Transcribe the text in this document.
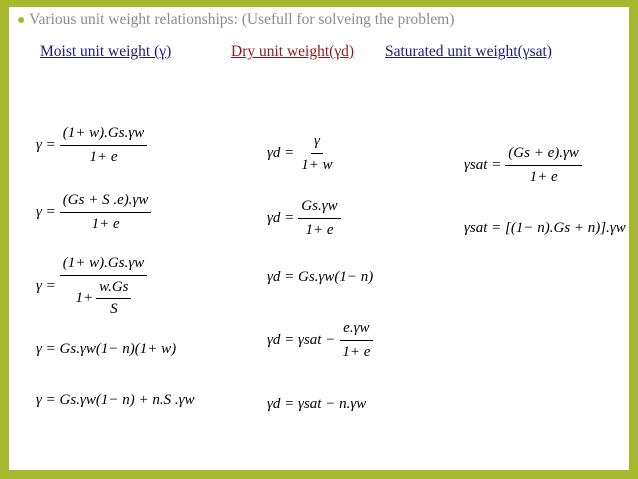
● Various unit weight relationships: (Usefull for solveing the problem)
Moist unit weight (γ)	Dry unit weight(γd) Saturated unit weight(γsat)
$\gamma = \frac{(1+ w).Gs.\gamma w}{1+ e}$
$\gamma = \frac{(Gs + S .e).\gamma w}{1+ e}$
$\gamma = \frac{(1+ w).Gs.\gamma w}{1+ \frac{w.Gs}{S}}$
γ = Gs.γw(1− n)(1+ w)
γ = Gs.γw(1− n) + n.S .γw
$\gamma d = \frac{\gamma}{1+ w}$
$\gamma d = \frac{Gs.\gamma w}{1+ e}$
γd = Gs.γw(1− n)
$\gamma d = \gamma sat - \frac{e.\gamma w}{1+ e}$
γd = γsat − n.γw
$\gamma sat = \frac{(Gs + e).\gamma w}{1+ e}$
γsat = [(1− n).Gs + n)].γw
